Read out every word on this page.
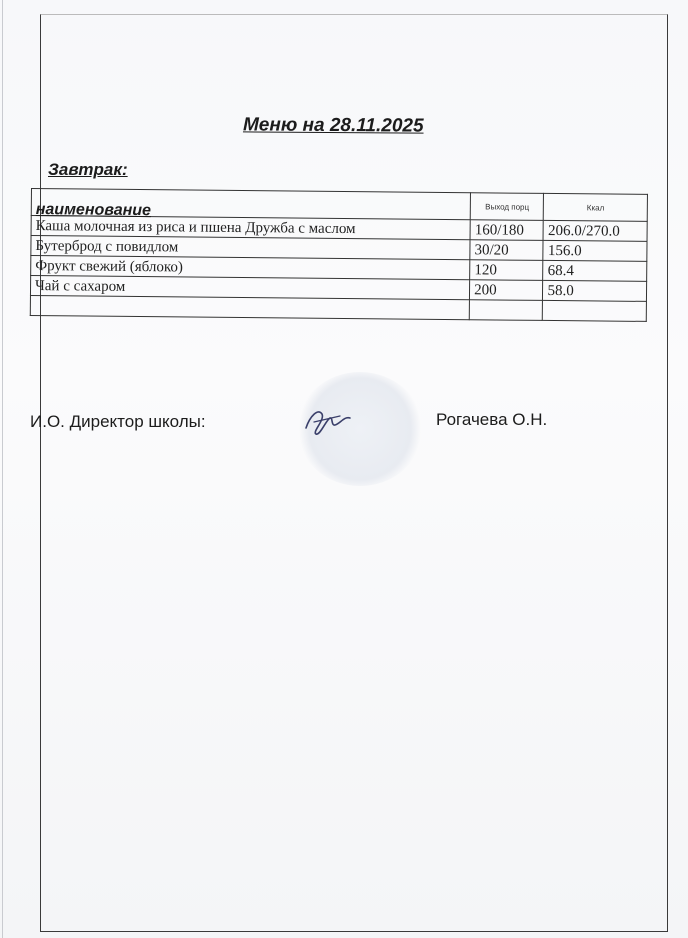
Меню на 28.11.2025
Завтрак:
наименование	Выход порц	Ккал
Каша молочная из риса и пшена Дружба с маслом	160/180	206.0/270.0
Бутерброд с повидлом	30/20	156.0
Фрукт свежий (яблоко)	120	68.4
Чай с сахаром	200	58.0

И.О. Директор школы:	Рогачева О.Н.
